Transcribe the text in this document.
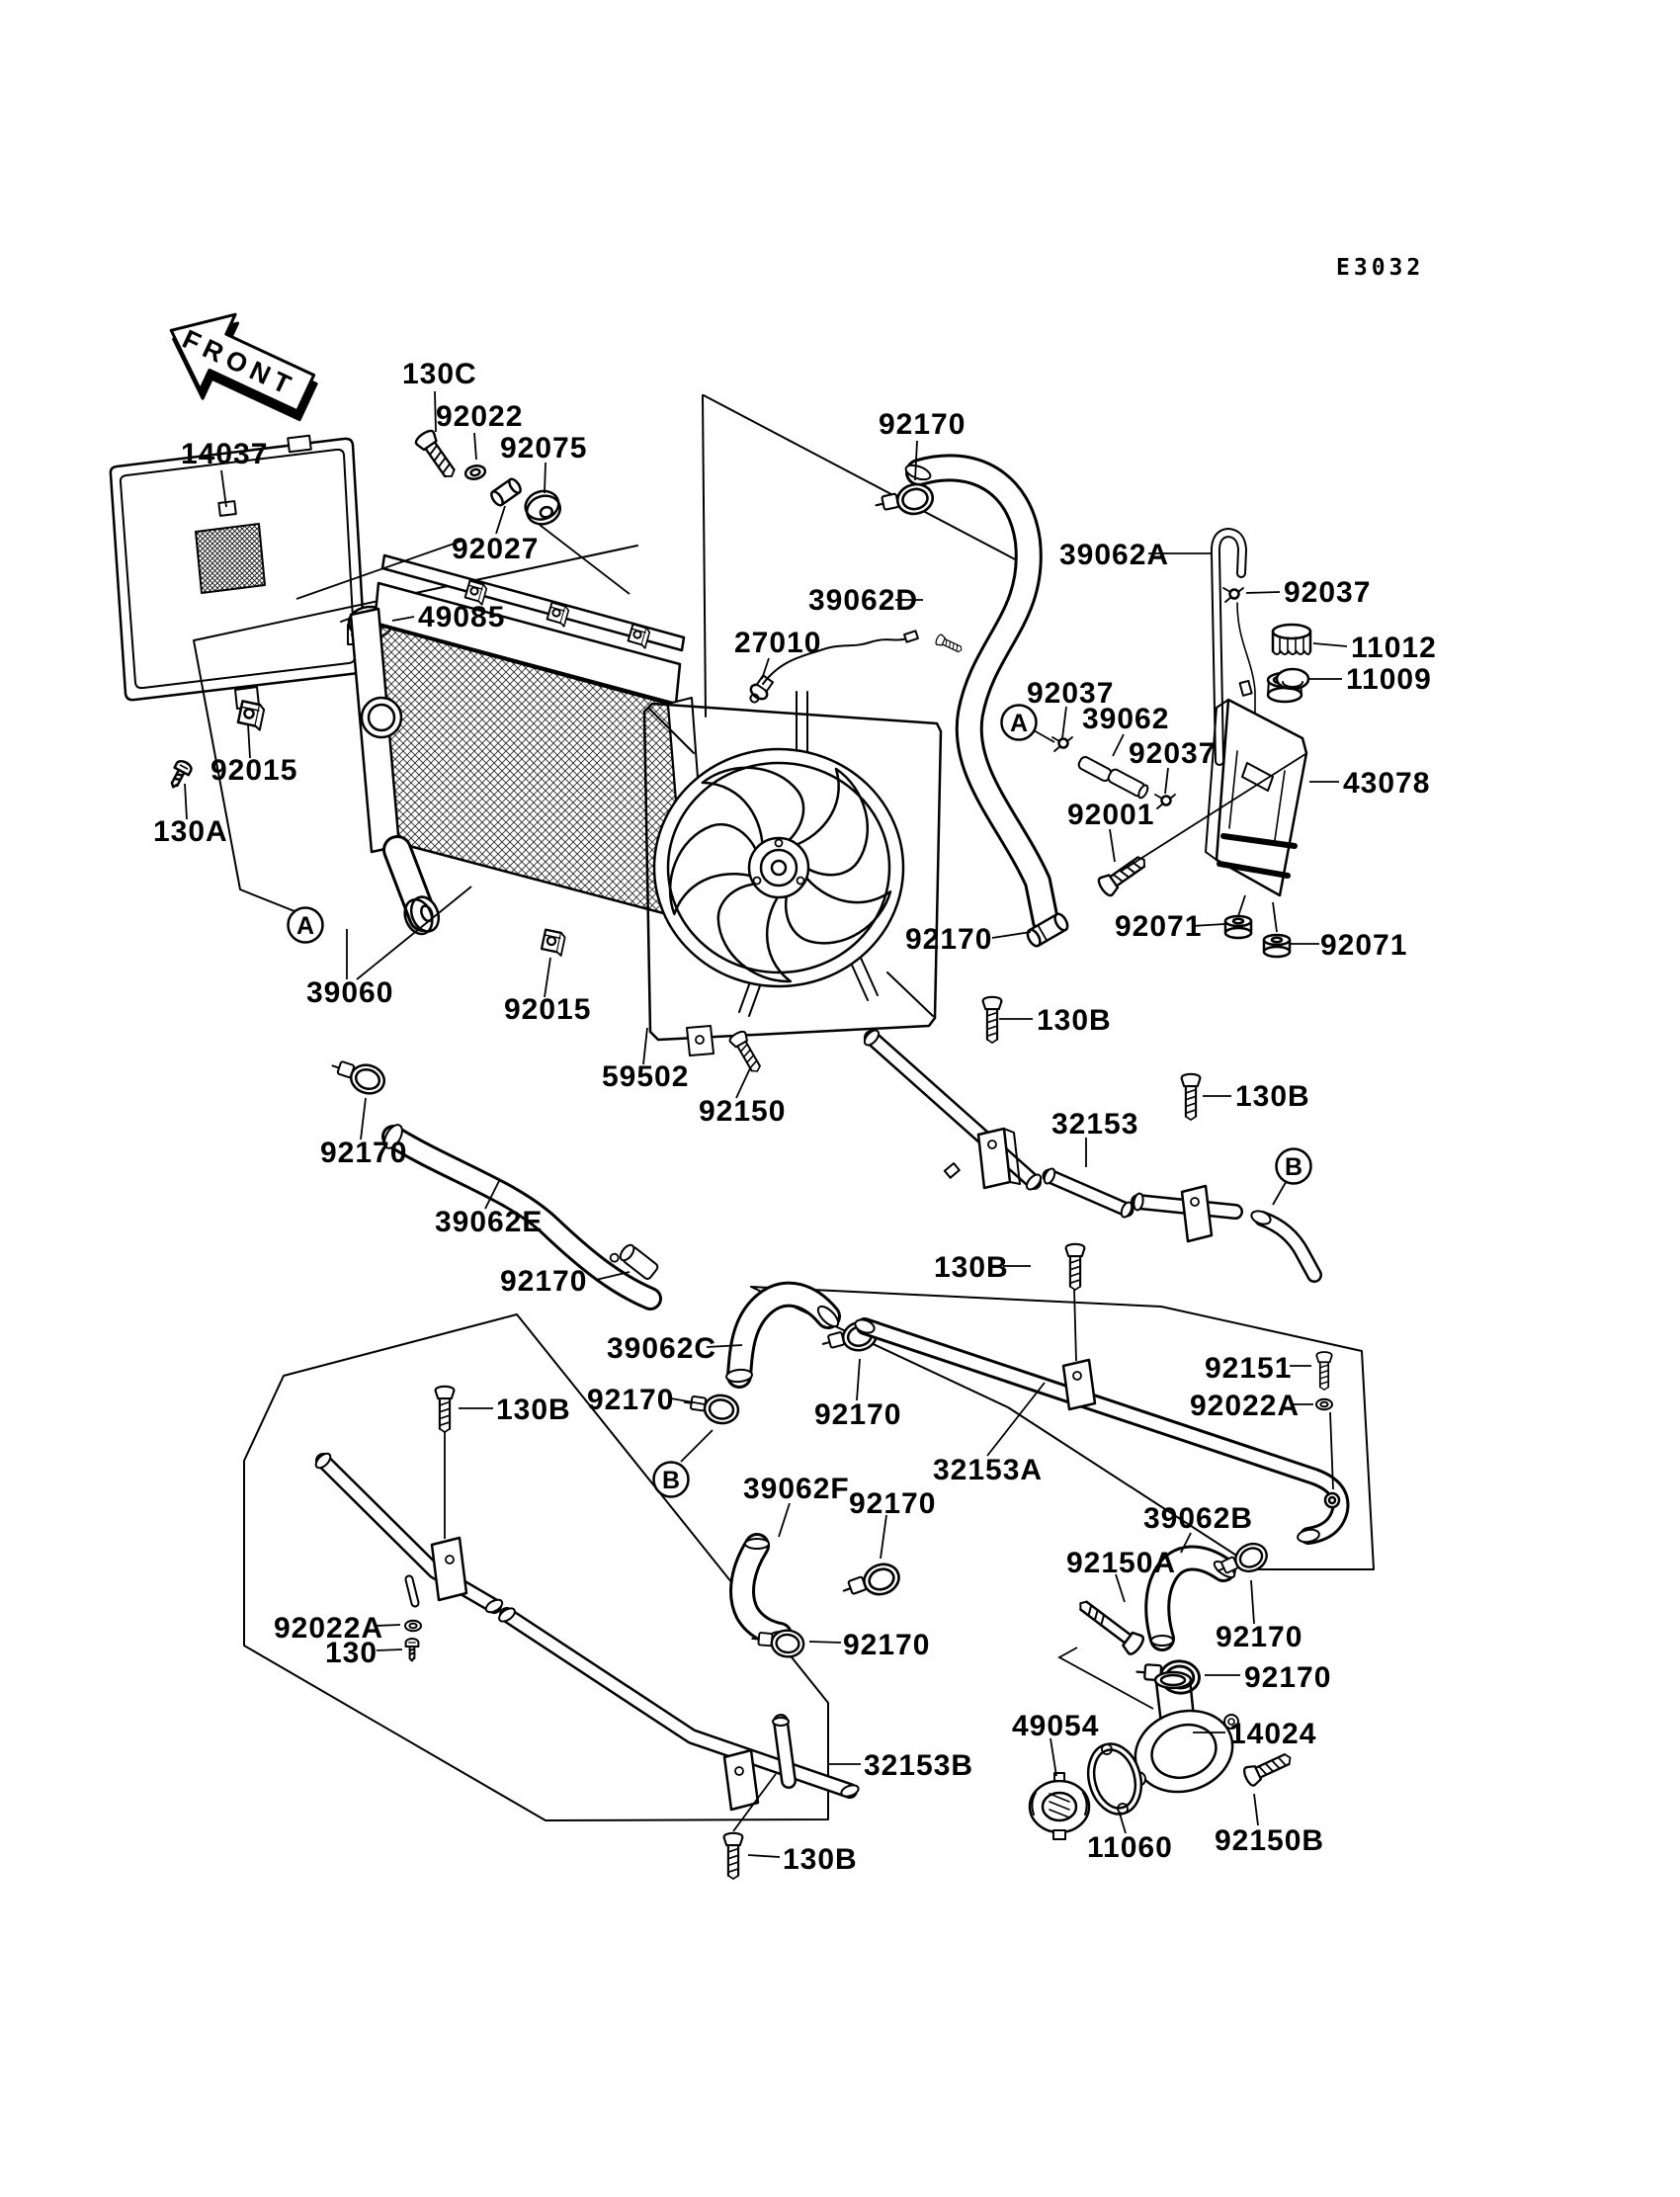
FRONT
E3032
130C
92022
92075
92027
14037
49085
92170
27010
39062D
39062A
92037
11012
11009
43078
92037
39062
92037
92001
92071
92071
92015
130A
39060
92015
59502
92150
92170
39062E
92170
92170
130B
32153
130B
130B
92151
92022A
39062C
92170	92170
32153A
130B
92022A
130
39062F 92170
92170
32153B
130B
39062B
92150A
92170
92170
49054	14024
11060 92150B
A
A
B
B
